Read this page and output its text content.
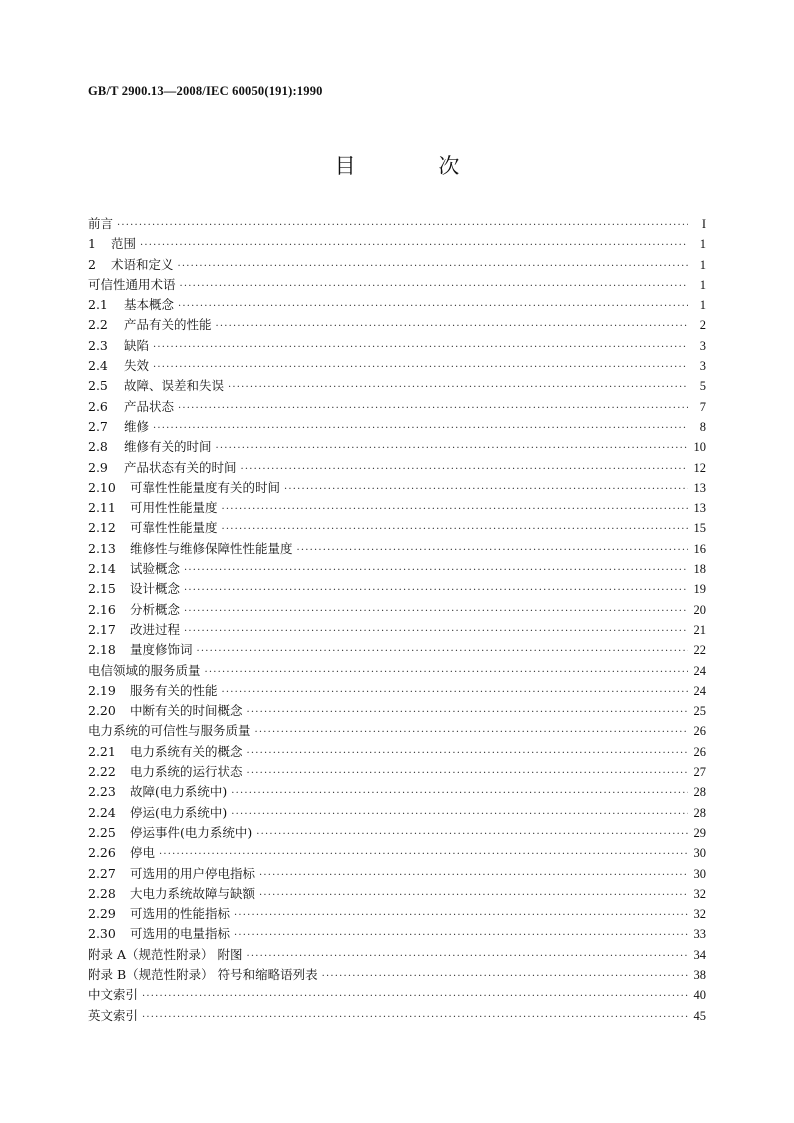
GB/T 2900.13—2008/IEC 60050(191):1990
目 次
前言 ·····	I
1	范围 ·····	1
2	术语和定义 ·····	1
可信性通用术语 ·····	1
2.1	基本概念 ·····	1
2.2	产品有关的性能 ·····	2
2.3	缺陷 ·····	3
2.4	失效 ·····	3
2.5	故障、误差和失误 ·····	5
2.6	产品状态 ·····	7
2.7	维修 ·····	8
2.8	维修有关的时间 ·····	10
2.9	产品状态有关的时间 ·····	12
2.10	可靠性性能量度有关的时间 ·····	13
2.11	可用性性能量度 ·····	13
2.12	可靠性性能量度 ·····	15
2.13	维修性与维修保障性性能量度 ·····	16
2.14	试验概念 ·····	18
2.15	设计概念 ·····	19
2.16	分析概念 ·····	20
2.17	改进过程 ·····	21
2.18	量度修饰词 ·····	22
电信领域的服务质量 ·····	24
2.19	服务有关的性能 ·····	24
2.20	中断有关的时间概念 ·····	25
电力系统的可信性与服务质量 ·····	26
2.21	电力系统有关的概念 ·····	26
2.22	电力系统的运行状态 ·····	27
2.23	故障(电力系统中) ·····	28
2.24	停运(电力系统中) ·····	28
2.25	停运事件(电力系统中) ·····	29
2.26	停电 ·····	30
2.27	可选用的用户停电指标 ·····	30
2.28	大电力系统故障与缺额 ·····	32
2.29	可选用的性能指标 ·····	32
2.30	可选用的电量指标 ·····	33
附录 A（规范性附录） 附图 ·····	34
附录 B（规范性附录） 符号和缩略语列表 ·····	38
中文索引 ·····	40
英文索引 ·····	45
